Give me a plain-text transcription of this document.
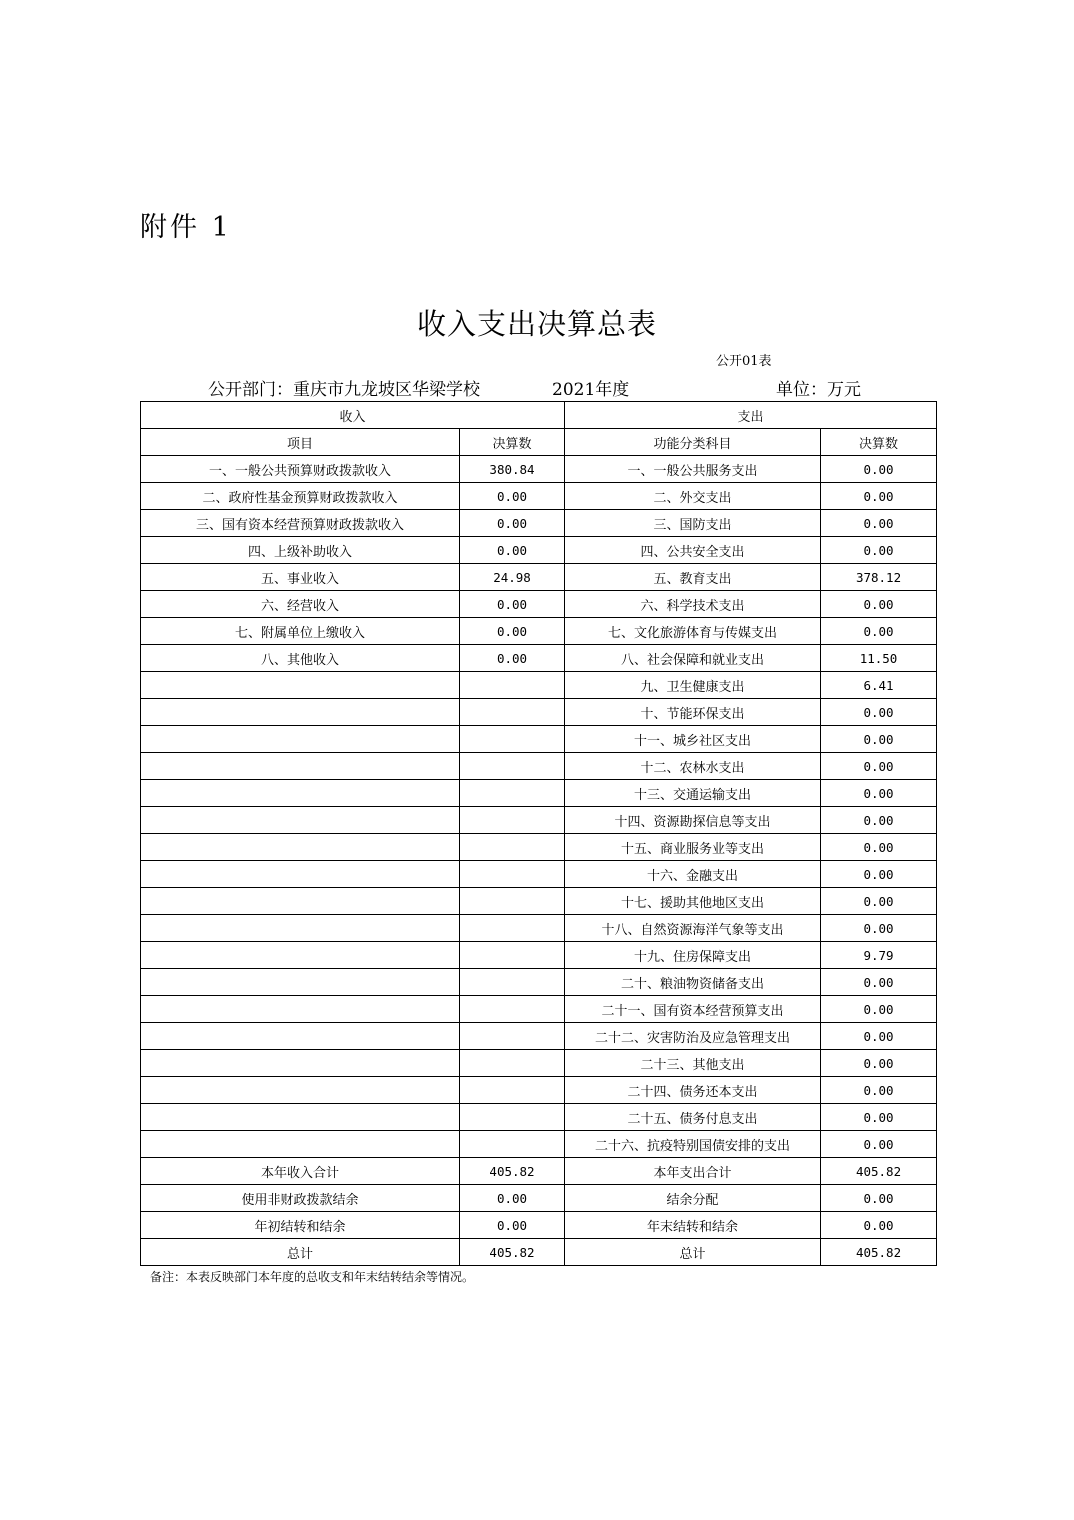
附件 1
收入支出决算总表
公开01表
公开部门：重庆市九龙坡区华梁学校	2021年度	单位：万元
收入		支出	
项目	决算数	功能分类科目	决算数
一、一般公共预算财政拨款收入	380.84	一、一般公共服务支出	0.00
二、政府性基金预算财政拨款收入	0.00	二、外交支出	0.00
三、国有资本经营预算财政拨款收入	0.00	三、国防支出	0.00
四、上级补助收入	0.00	四、公共安全支出	0.00
五、事业收入	24.98	五、教育支出	378.12
六、经营收入	0.00	六、科学技术支出	0.00
七、附属单位上缴收入	0.00	七、文化旅游体育与传媒支出	0.00
八、其他收入	0.00	八、社会保障和就业支出	11.50
		九、卫生健康支出	6.41
		十、节能环保支出	0.00
		十一、城乡社区支出	0.00
		十二、农林水支出	0.00
		十三、交通运输支出	0.00
		十四、资源勘探信息等支出	0.00
		十五、商业服务业等支出	0.00
		十六、金融支出	0.00
		十七、援助其他地区支出	0.00
		十八、自然资源海洋气象等支出	0.00
		十九、住房保障支出	9.79
		二十、粮油物资储备支出	0.00
		二十一、国有资本经营预算支出	0.00
		二十二、灾害防治及应急管理支出	0.00
		二十三、其他支出	0.00
		二十四、债务还本支出	0.00
		二十五、债务付息支出	0.00
		二十六、抗疫特别国债安排的支出	0.00
本年收入合计	405.82	本年支出合计	405.82
使用非财政拨款结余	0.00	结余分配	0.00
年初结转和结余	0.00	年末结转和结余	0.00
总计	405.82	总计	405.82
备注：本表反映部门本年度的总收支和年末结转结余等情况。
